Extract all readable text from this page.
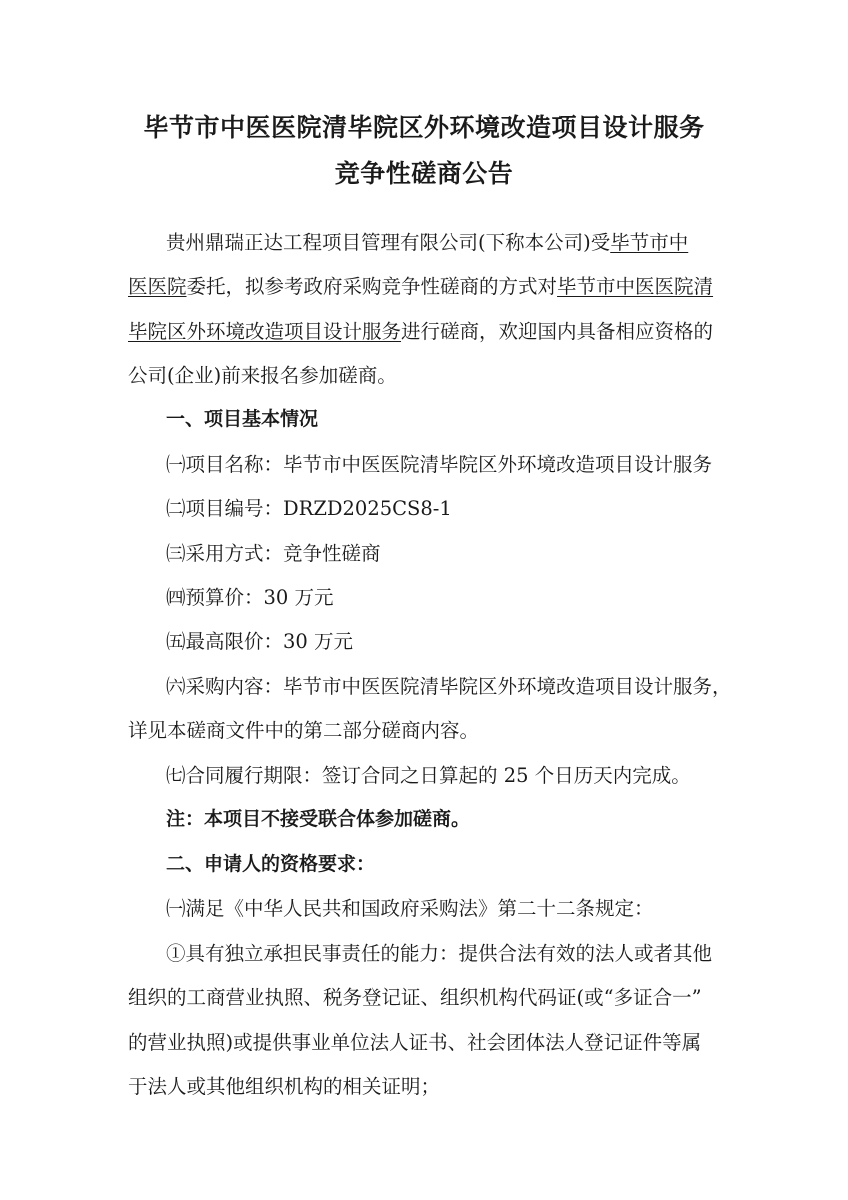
毕节市中医医院清毕院区外环境改造项目设计服务
竞争性磋商公告
贵州鼎瑞正达工程项目管理有限公司(下称本公司)受毕节市中
医医院委托，拟参考政府采购竞争性磋商的方式对毕节市中医医院清
毕院区外环境改造项目设计服务进行磋商，欢迎国内具备相应资格的
公司(企业)前来报名参加磋商。
一、项目基本情况
㈠项目名称：毕节市中医医院清毕院区外环境改造项目设计服务
㈡项目编号：DRZD2025CS8-1
㈢采用方式：竞争性磋商
㈣预算价：30 万元
㈤最高限价：30 万元
㈥采购内容：毕节市中医医院清毕院区外环境改造项目设计服务，
详见本磋商文件中的第二部分磋商内容。
㈦合同履行期限：签订合同之日算起的 25 个日历天内完成。
注：本项目不接受联合体参加磋商。
二、申请人的资格要求：
㈠满足《中华人民共和国政府采购法》第二十二条规定：
①具有独立承担民事责任的能力：提供合法有效的法人或者其他
组织的工商营业执照、税务登记证、组织机构代码证(或“多证合一”
的营业执照)或提供事业单位法人证书、社会团体法人登记证件等属
于法人或其他组织机构的相关证明；
